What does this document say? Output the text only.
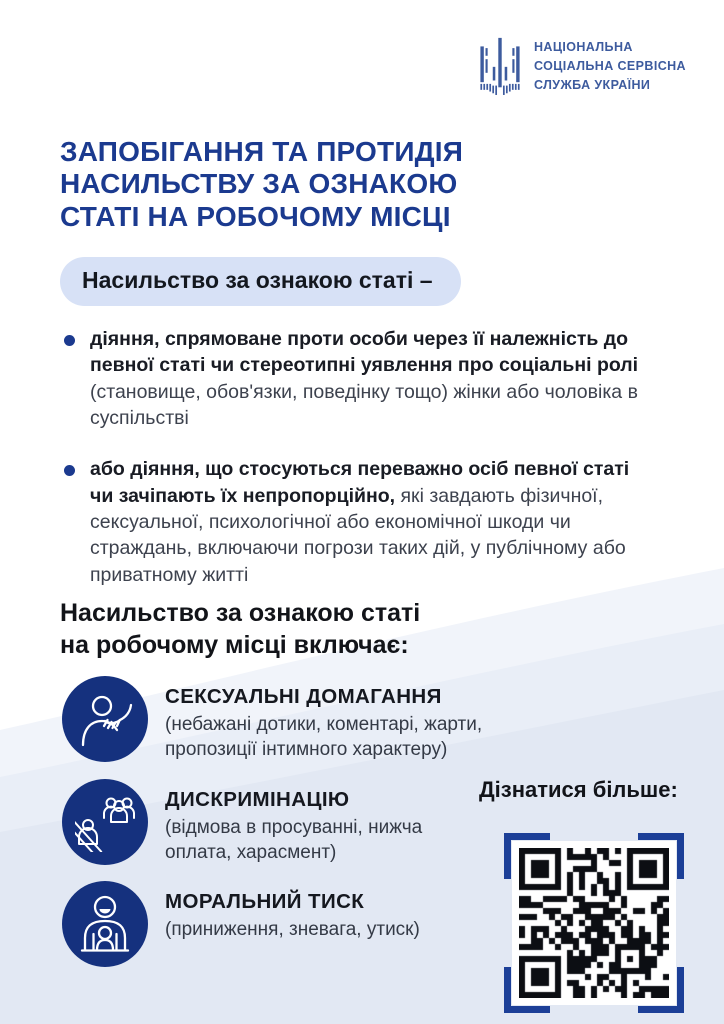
НАЦІОНАЛЬНА
СОЦІАЛЬНА СЕРВІСНА
СЛУЖБА УКРАЇНИ
ЗАПОБІГАННЯ ТА ПРОТИДІЯ
НАСИЛЬСТВУ ЗА ОЗНАКОЮ
СТАТІ НА РОБОЧОМУ МІСЦІ
Насильство за ознакою статі –
діяння, спрямоване проти особи через її належність до певної статі чи стереотипні уявлення про соціальні ролі (становище, обов'язки, поведінку тощо) жінки або чоловіка в суспільстві
або діяння, що стосуються переважно осіб певної статі чи зачіпають їх непропорційно, які завдають фізичної, сексуальної, психологічної або економічної шкоди чи страждань, включаючи погрози таких дій, у публічному або приватному житті
Насильство за ознакою статі
на робочому місці включає:
СЕКСУАЛЬНІ ДОМАГАННЯ
(небажані дотики, коментарі, жарти, пропозиції інтимного характеру)
ДИСКРИМІНАЦІЮ
(відмова в просуванні, нижча оплата, харасмент)
МОРАЛЬНИЙ ТИСК
(приниження, зневага, утиск)
Дізнатися більше:
